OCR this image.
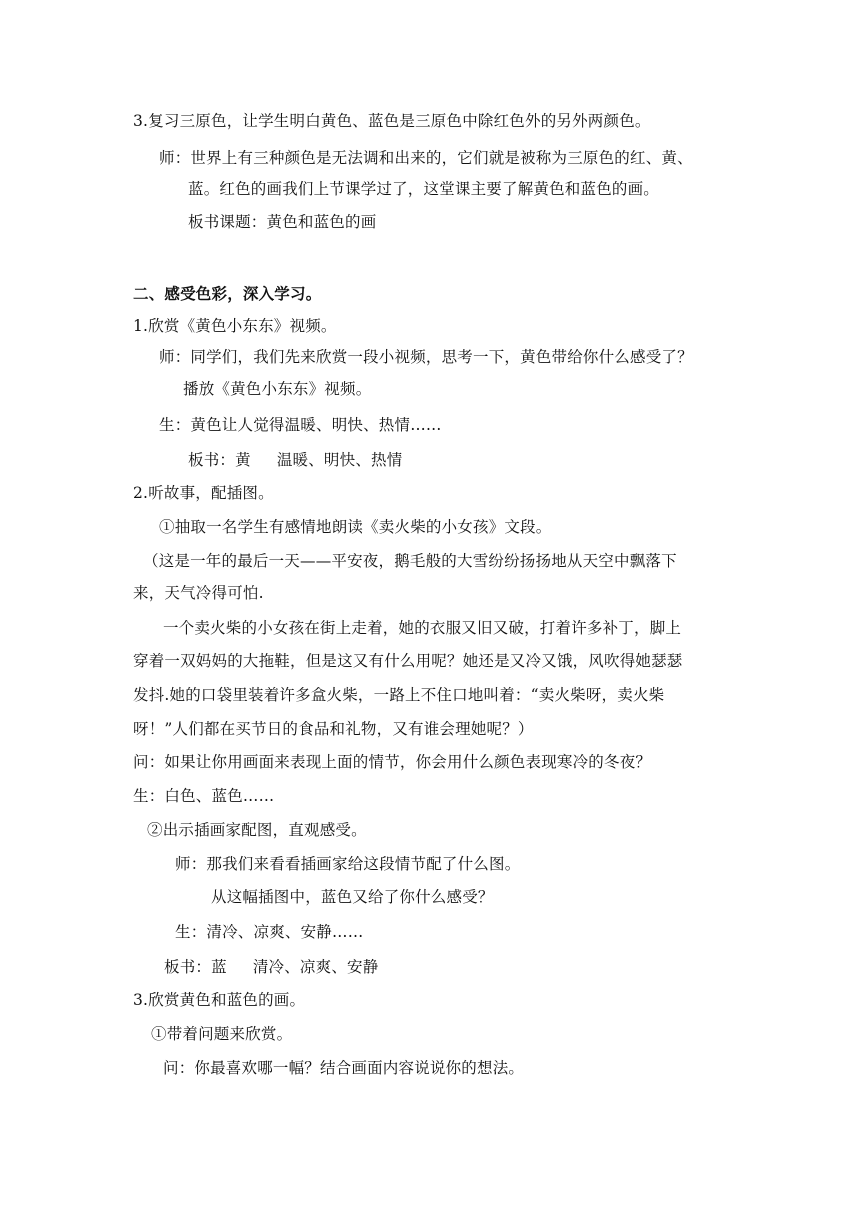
3.复习三原色，让学生明白黄色、蓝色是三原色中除红色外的另外两颜色。
师：世界上有三种颜色是无法调和出来的，它们就是被称为三原色的红、黄、
蓝。红色的画我们上节课学过了，这堂课主要了解黄色和蓝色的画。
板书课题：黄色和蓝色的画
二、感受色彩，深入学习。
1.欣赏《黄色小东东》视频。
师：同学们，我们先来欣赏一段小视频，思考一下，黄色带给你什么感受了？
播放《黄色小东东》视频。
生：黄色让人觉得温暖、明快、热情……
板书：黄 温暖、明快、热情
2.听故事，配插图。
①抽取一名学生有感情地朗读《卖火柴的小女孩》文段。
（这是一年的最后一天——平安夜，鹅毛般的大雪纷纷扬扬地从天空中飘落下
来，天气冷得可怕.
一个卖火柴的小女孩在街上走着，她的衣服又旧又破，打着许多补丁，脚上
穿着一双妈妈的大拖鞋，但是这又有什么用呢？她还是又冷又饿，风吹得她瑟瑟
发抖.她的口袋里装着许多盒火柴，一路上不住口地叫着：“卖火柴呀，卖火柴
呀！”人们都在买节日的食品和礼物，又有谁会理她呢？）
问：如果让你用画面来表现上面的情节，你会用什么颜色表现寒冷的冬夜？
生：白色、蓝色……
②出示插画家配图，直观感受。
师：那我们来看看插画家给这段情节配了什么图。
从这幅插图中，蓝色又给了你什么感受？
生：清冷、凉爽、安静……
板书：蓝 清冷、凉爽、安静
3.欣赏黄色和蓝色的画。
①带着问题来欣赏。
问：你最喜欢哪一幅？结合画面内容说说你的想法。
